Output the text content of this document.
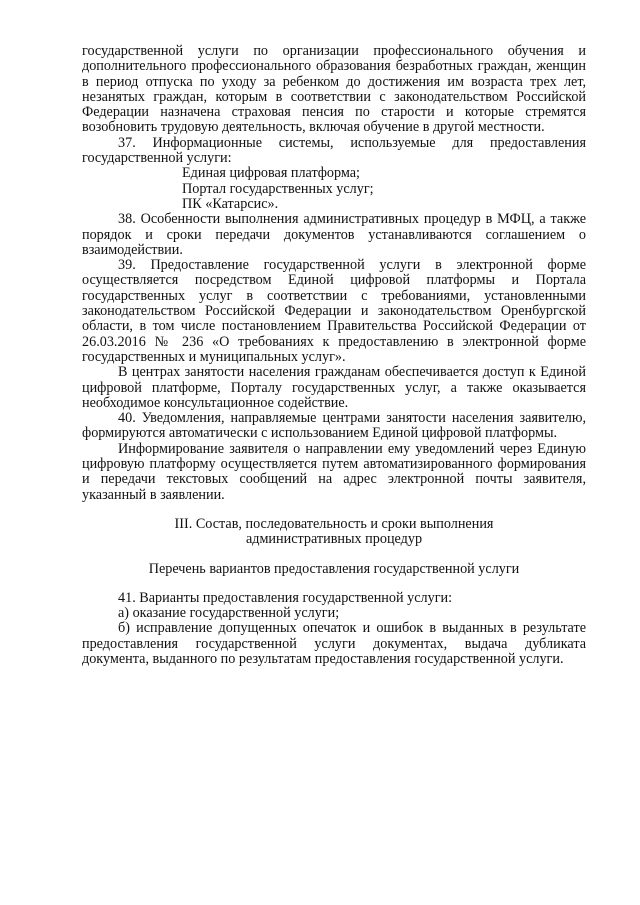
государственной услуги по организации профессионального обучения и дополнительного профессионального образования безработных граждан, женщин в период отпуска по уходу за ребенком до достижения им возраста трех лет, незанятых граждан, которым в соответствии с законодательством Российской Федерации назначена страховая пенсия по старости и которые стремятся возобновить трудовую деятельность, включая обучение в другой местности.

37. Информационные системы, используемые для предоставления государственной услуги:

Единая цифровая платформа;

Портал государственных услуг;

ПК «Катарсис».

38. Особенности выполнения административных процедур в МФЦ, а также порядок и сроки передачи документов устанавливаются соглашением о взаимодействии.

39. Предоставление государственной услуги в электронной форме осуществляется посредством Единой цифровой платформы и Портала государственных услуг в соответствии с требованиями, установленными законодательством Российской Федерации и законодательством Оренбургской области, в том числе постановлением Правительства Российской Федерации от 26.03.2016 № 236 «О требованиях к предоставлению в электронной форме государственных и муниципальных услуг».

В центрах занятости населения гражданам обеспечивается доступ к Единой цифровой платформе, Порталу государственных услуг, а также оказывается необходимое консультационное содействие.

40. Уведомления, направляемые центрами занятости населения заявителю, формируются автоматически с использованием Единой цифровой платформы.

Информирование заявителя о направлении ему уведомлений через Единую цифровую платформу осуществляется путем автоматизированного формирования и передачи текстовых сообщений на адрес электронной почты заявителя, указанный в заявлении.

III. Состав, последовательность и сроки выполнения

административных процедур

Перечень вариантов предоставления государственной услуги

41. Варианты предоставления государственной услуги:

а) оказание государственной услуги;

б) исправление допущенных опечаток и ошибок в выданных в результате предоставления государственной услуги документах, выдача дубликата документа, выданного по результатам предоставления государственной услуги.
